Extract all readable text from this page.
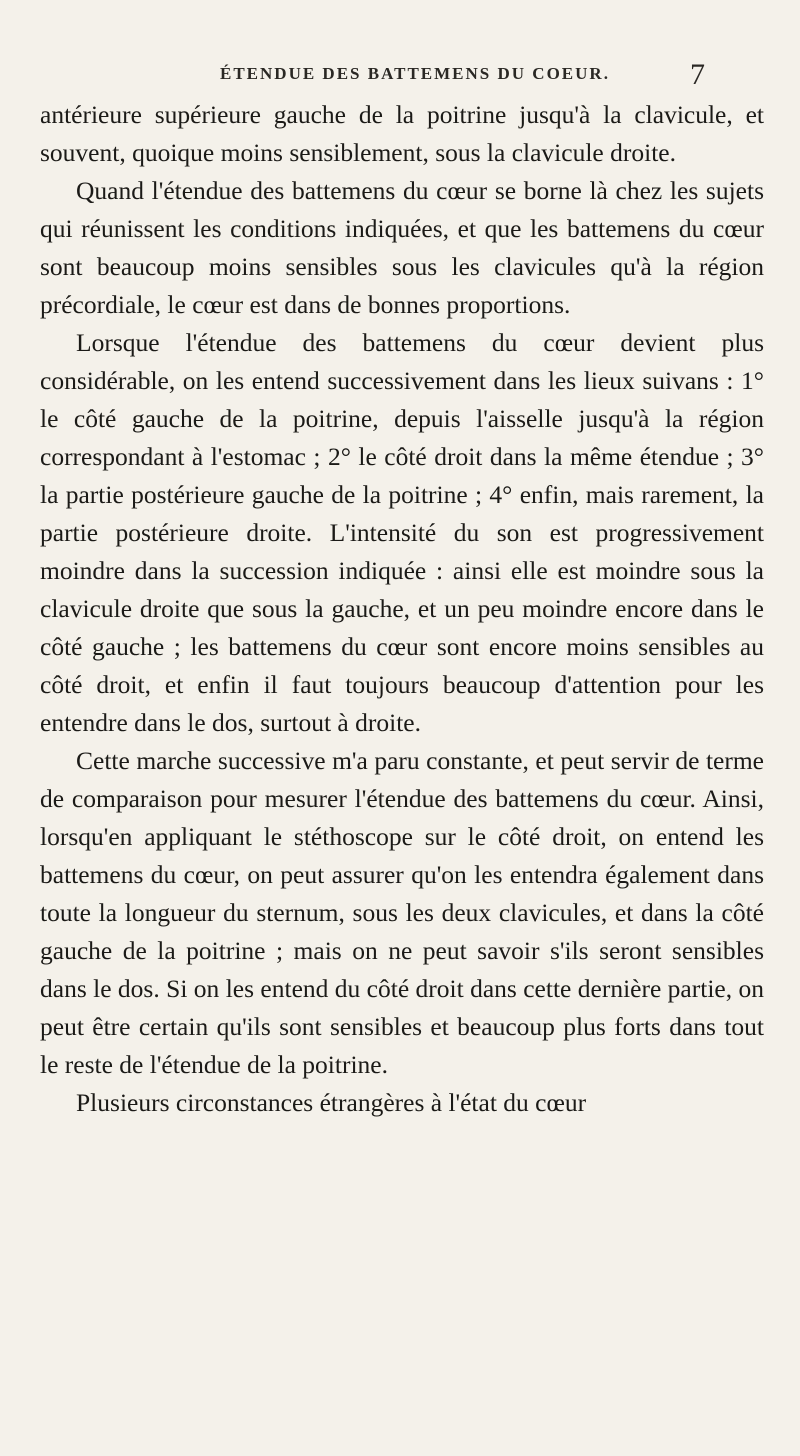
ÉTENDUE DES BATTEMENS DU COEUR.	7

antérieure supérieure gauche de la poitrine jusqu'à la clavicule, et souvent, quoique moins sensiblement, sous la clavicule droite.

Quand l'étendue des battemens du cœur se borne là chez les sujets qui réunissent les conditions indiquées, et que les battemens du cœur sont beaucoup moins sensibles sous les clavicules qu'à la région précordiale, le cœur est dans de bonnes proportions.

Lorsque l'étendue des battemens du cœur devient plus considérable, on les entend successivement dans les lieux suivans : 1° le côté gauche de la poitrine, depuis l'aisselle jusqu'à la région correspondant à l'estomac ; 2° le côté droit dans la même étendue ; 3° la partie postérieure gauche de la poitrine ; 4° enfin, mais rarement, la partie postérieure droite. L'intensité du son est progressivement moindre dans la succession indiquée : ainsi elle est moindre sous la clavicule droite que sous la gauche, et un peu moindre encore dans le côté gauche ; les battemens du cœur sont encore moins sensibles au côté droit, et enfin il faut toujours beaucoup d'attention pour les entendre dans le dos, surtout à droite.

Cette marche successive m'a paru constante, et peut servir de terme de comparaison pour mesurer l'étendue des battemens du cœur. Ainsi, lorsqu'en appliquant le stéthoscope sur le côté droit, on entend les battemens du cœur, on peut assurer qu'on les entendra également dans toute la longueur du sternum, sous les deux clavicules, et dans la côté gauche de la poitrine ; mais on ne peut savoir s'ils seront sensibles dans le dos. Si on les entend du côté droit dans cette dernière partie, on peut être certain qu'ils sont sensibles et beaucoup plus forts dans tout le reste de l'étendue de la poitrine.

Plusieurs circonstances étrangères à l'état du cœur
